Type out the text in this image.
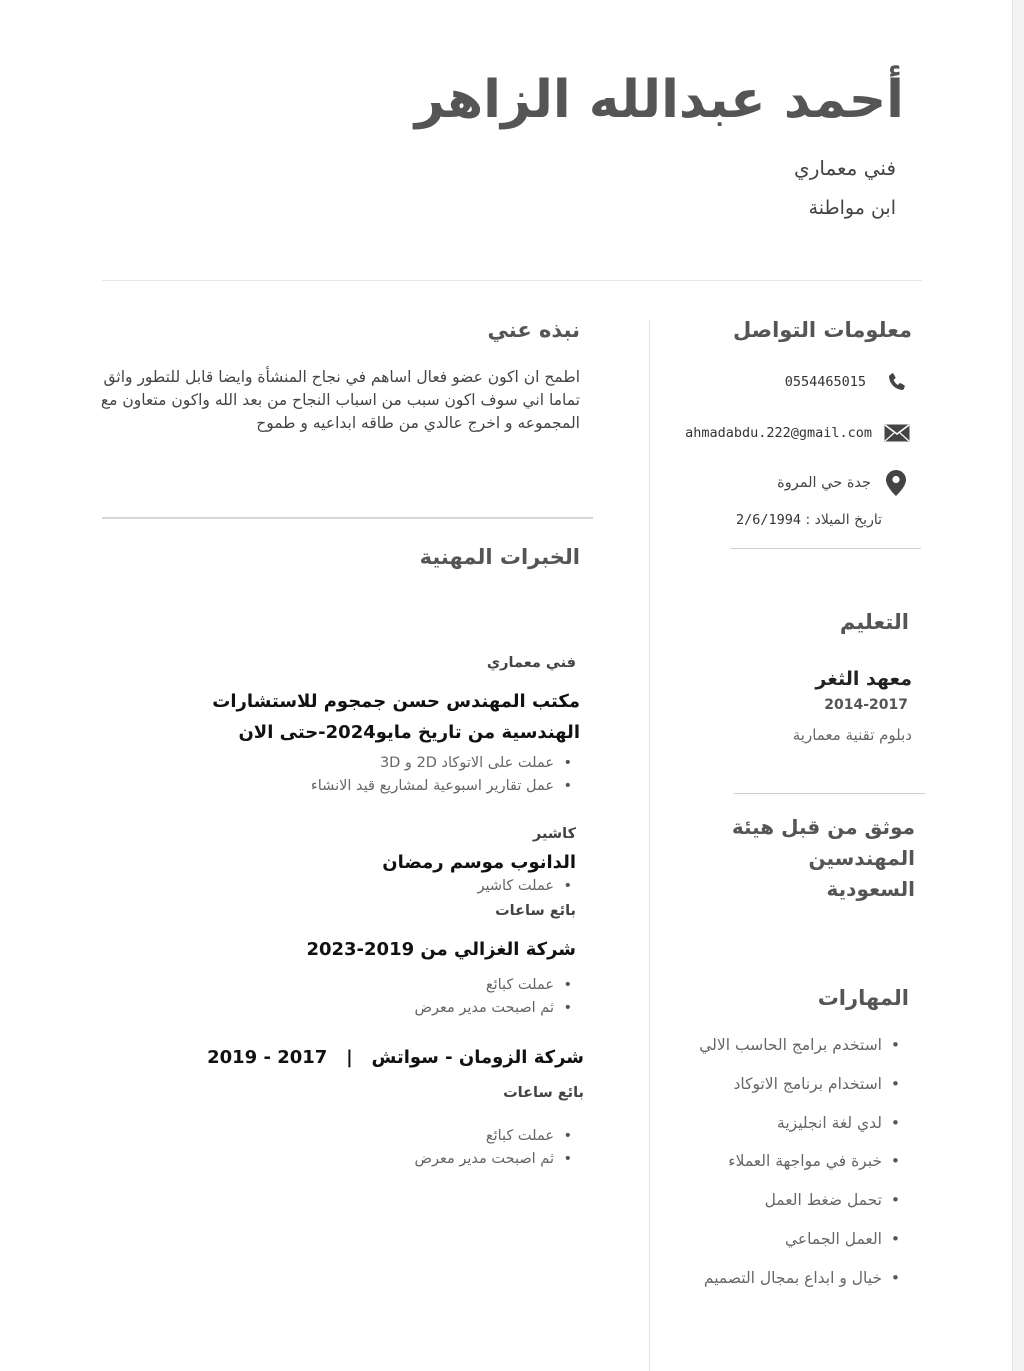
أحمد عبدالله الزاهر
فني معماري
ابن مواطنة
معلومات التواصل
0554465015
ahmadabdu.222@gmail.com
جدة حي المروة
تاريخ الميلاد : 2/6/1994
التعليم
معهد الثغر
2014-2017
دبلوم تقنية معمارية
موثق من قبل هيئة المهندسين السعودية
المهارات
• استخدم برامج الحاسب الالي
• استخدام برنامج الاتوكاد
• لدي لغة انجليزية
• خبرة في مواجهة العملاء
• تحمل ضغط العمل
• العمل الجماعي
• خيال و ابداع بمجال التصميم
نبذه عني
اطمح ان اكون عضو فعال اساهم في نجاح المنشأة وايضا قابل للتطور واثق تماما اني سوف اكون سبب من اسباب النجاح من بعد الله واكون متعاون مع المجموعه و اخرج عالدي من طاقه ابداعيه و طموح
الخبرات المهنية
فني معماري
مكتب المهندس حسن جمجوم للاستشارات الهندسية من تاريخ مايو2024-حتى الان
• عملت على الاتوكاد 2D و 3D
• عمل تقارير اسبوعية لمشاريع قيد الانشاء
كاشير
الدانوب موسم رمضان
• عملت كاشير
بائع ساعات
شركة الغزالي من 2019-2023
• عملت كبائع
• ثم اصبحت مدير معرض
شركة الزومان - سواتش   |   2017 - 2019
بائع ساعات
• عملت كبائع
• ثم اصبحت مدير معرض
